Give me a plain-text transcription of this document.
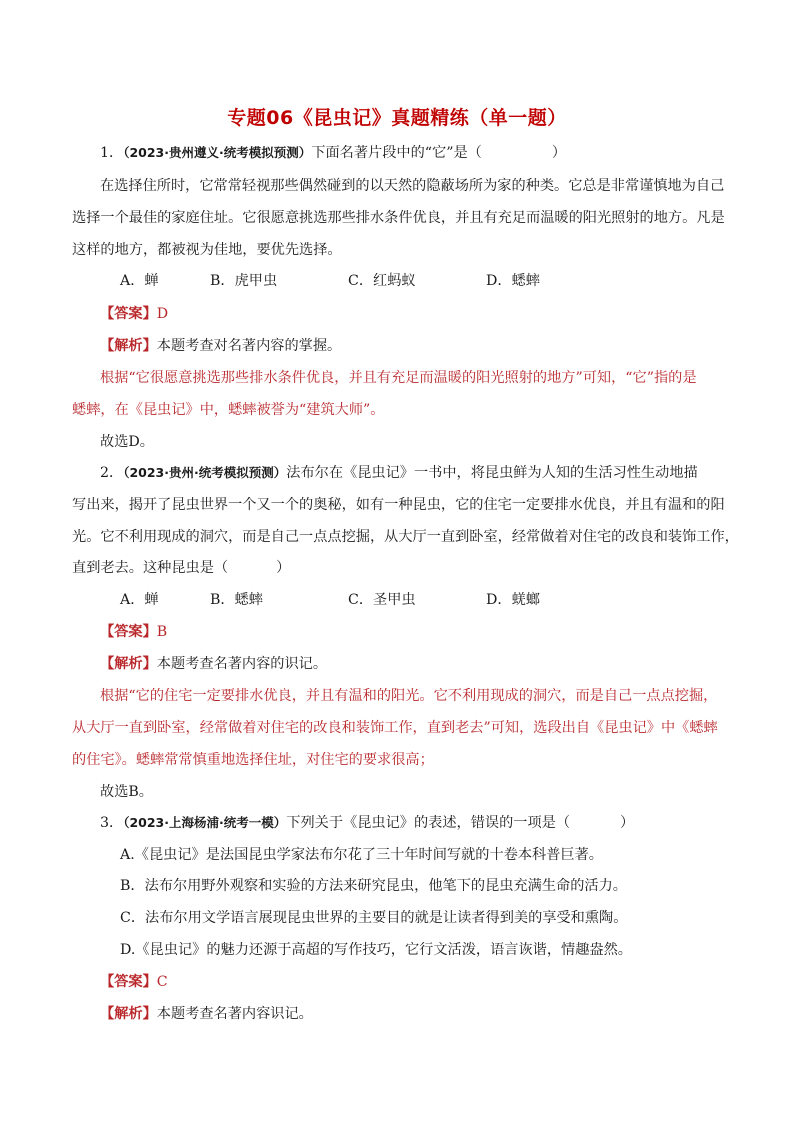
专题06《昆虫记》真题精练（单一题）
1．（2023·贵州遵义·统考模拟预测）下面名著片段中的“它”是（	）
在选择住所时，它常常轻视那些偶然碰到的以天然的隐蔽场所为家的种类。它总是非常谨慎地为自己
选择一个最佳的家庭住址。它很愿意挑选那些排水条件优良，并且有充足而温暖的阳光照射的地方。凡是
这样的地方，都被视为佳地，要优先选择。
A．蝉	B．虎甲虫	C．红蚂蚁	D．蟋蟀
【答案】D
【解析】本题考查对名著内容的掌握。
根据“它很愿意挑选那些排水条件优良，并且有充足而温暖的阳光照射的地方”可知，“它”指的是
蟋蟀，在《昆虫记》中，蟋蟀被誉为“建筑大师”。
故选D。
2．（2023·贵州·统考模拟预测）法布尔在《昆虫记》一书中，将昆虫鲜为人知的生活习性生动地描
写出来，揭开了昆虫世界一个又一个的奥秘，如有一种昆虫，它的住宅一定要排水优良，并且有温和的阳
光。它不利用现成的洞穴，而是自己一点点挖掘，从大厅一直到卧室，经常做着对住宅的改良和装饰工作，
直到老去。这种昆虫是（	）
A．蝉	B．蟋蟀	C．圣甲虫	D．蜣螂
【答案】B
【解析】本题考查名著内容的识记。
根据“它的住宅一定要排水优良，并且有温和的阳光。它不利用现成的洞穴，而是自己一点点挖掘，
从大厅一直到卧室，经常做着对住宅的改良和装饰工作，直到老去”可知，选段出自《昆虫记》中《蟋蟀
的住宅》。蟋蟀常常慎重地选择住址，对住宅的要求很高；
故选B。
3．（2023·上海杨浦·统考一模）下列关于《昆虫记》的表述，错误的一项是（	）
A.《昆虫记》是法国昆虫学家法布尔花了三十年时间写就的十卷本科普巨著。
B．法布尔用野外观察和实验的方法来研究昆虫，他笔下的昆虫充满生命的活力。
C．法布尔用文学语言展现昆虫世界的主要目的就是让读者得到美的享受和熏陶。
D.《昆虫记》的魅力还源于高超的写作技巧，它行文活泼，语言诙谐，情趣盎然。
【答案】C
【解析】本题考查名著内容识记。
